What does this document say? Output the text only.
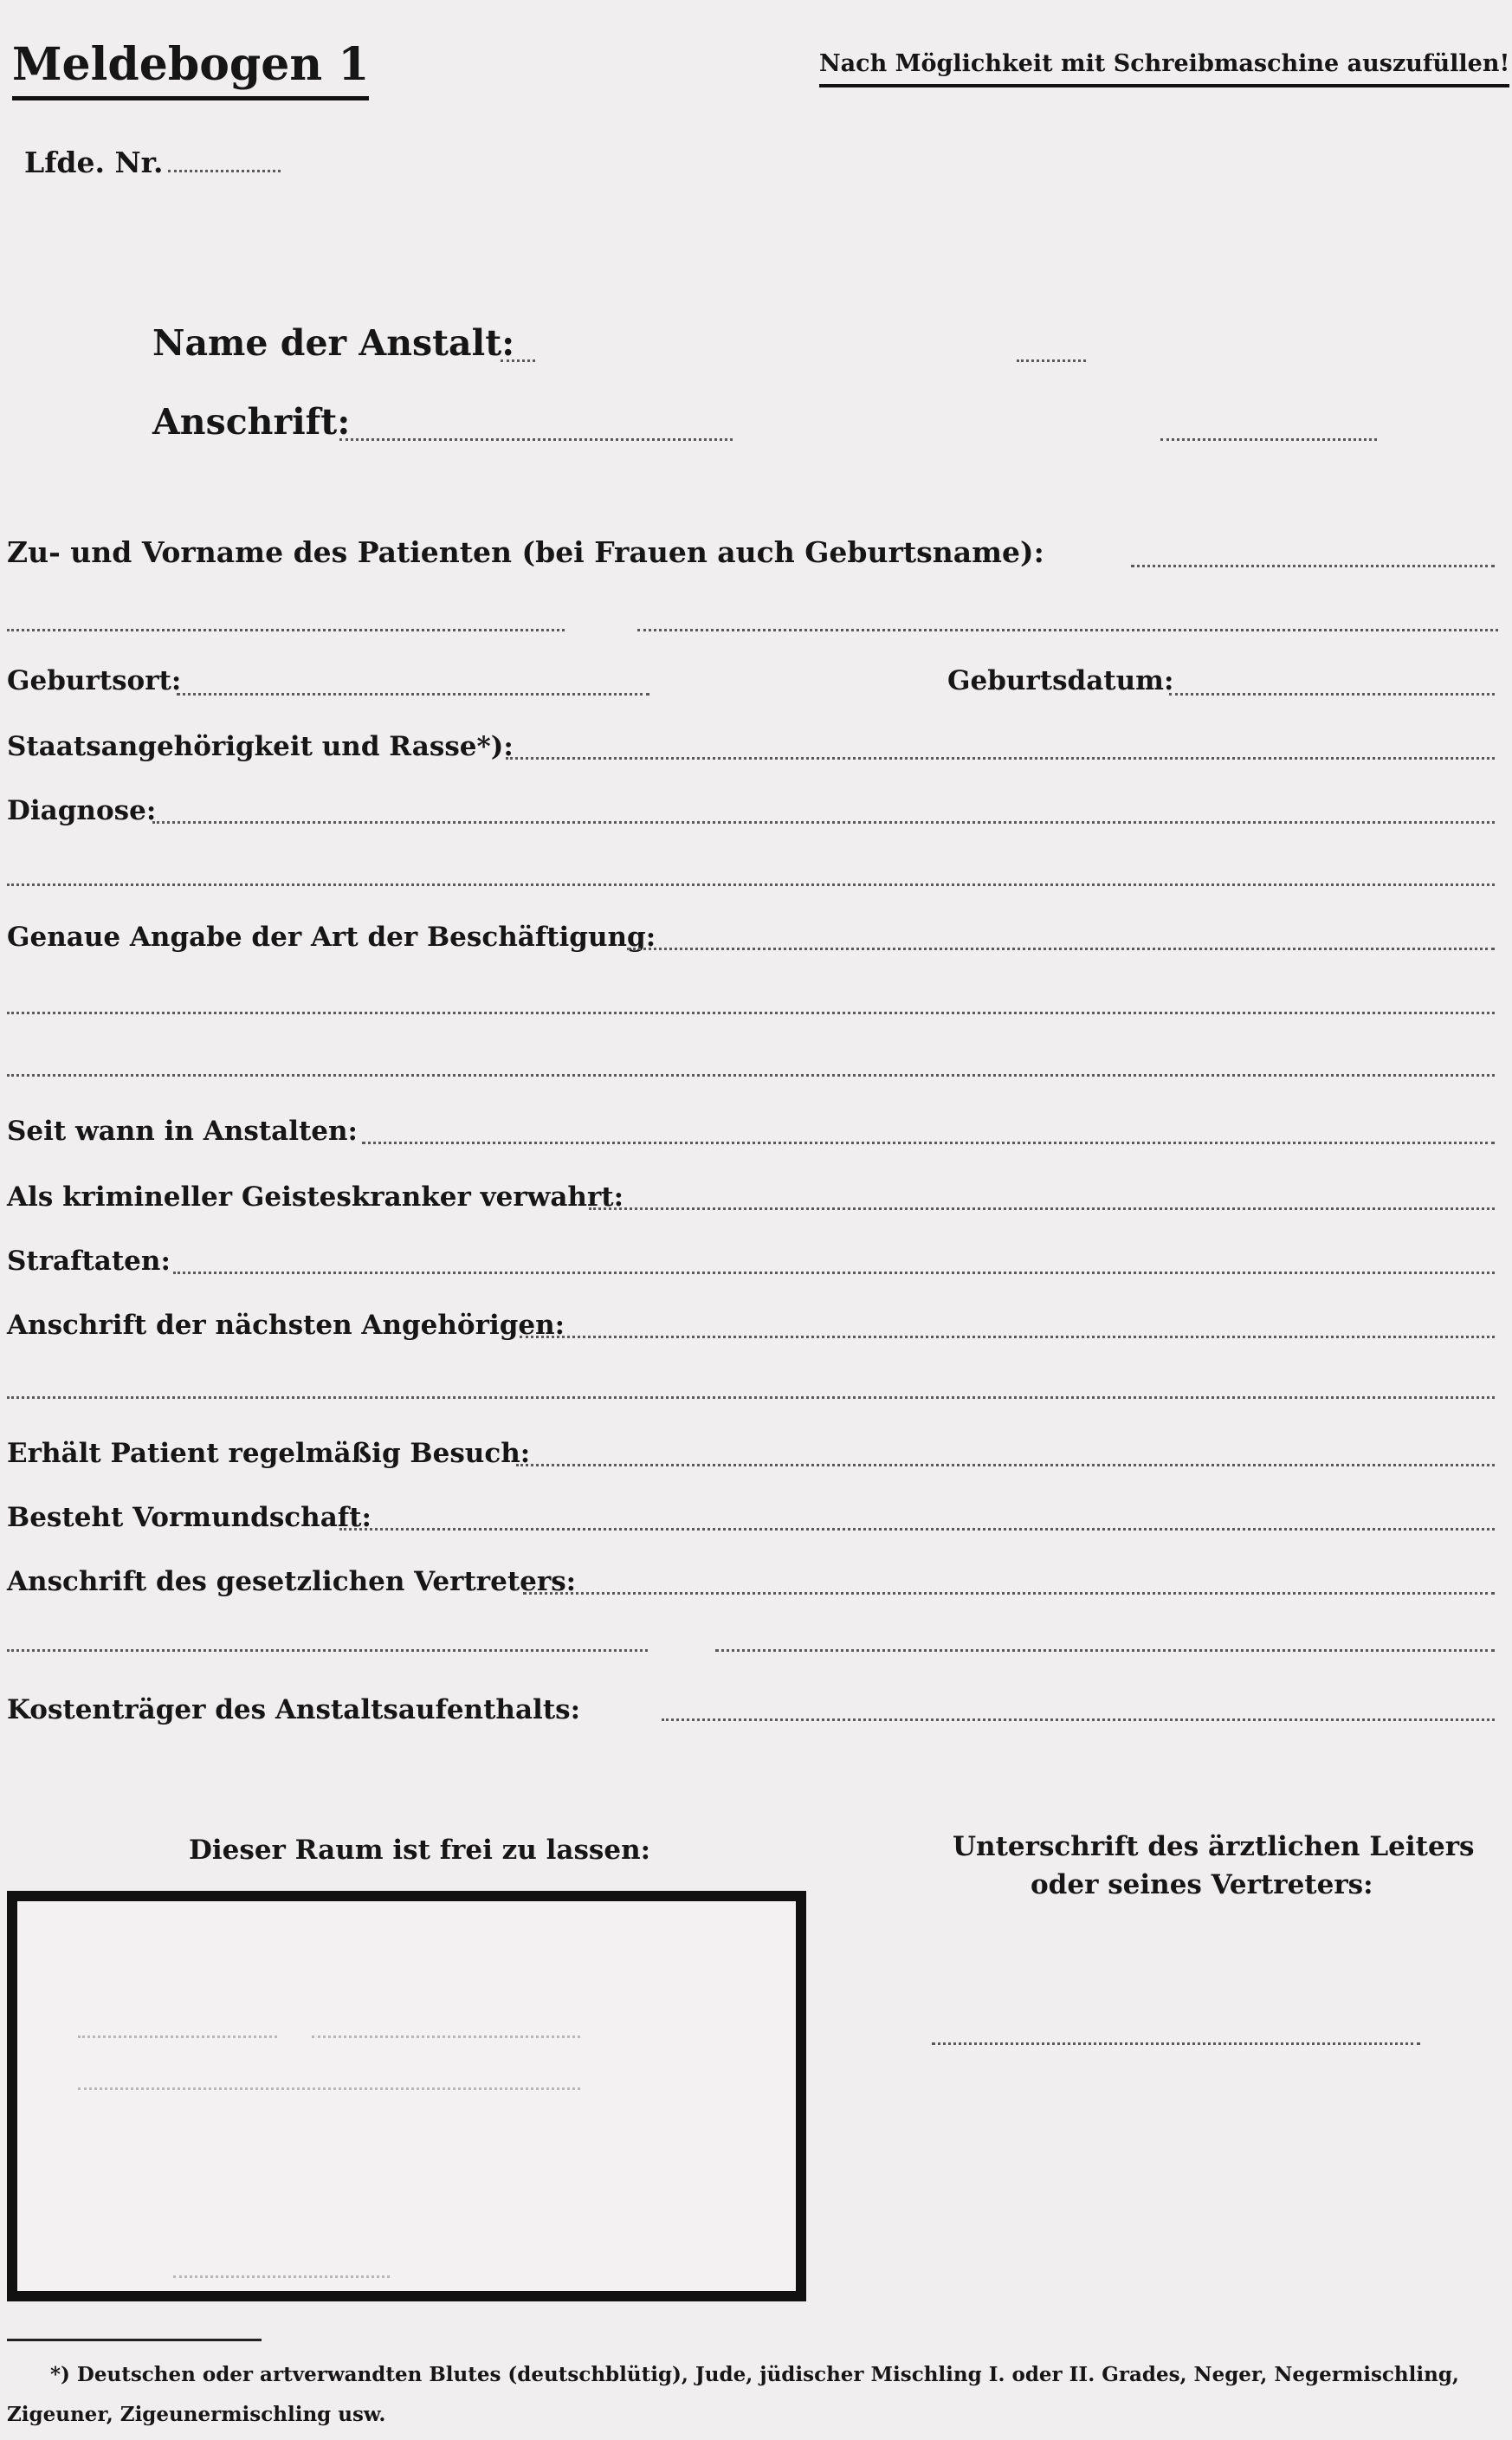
Meldebogen 1	Nach Möglichkeit mit Schreibmaschine auszufüllen!
Lfde. Nr.
Name der Anstalt:
Anschrift:
Zu- und Vorname des Patienten (bei Frauen auch Geburtsname):
Geburtsort:	Geburtsdatum:
Staatsangehörigkeit und Rasse*):
Diagnose:
Genaue Angabe der Art der Beschäftigung:
Seit wann in Anstalten:
Als krimineller Geisteskranker verwahrt:
Straftaten:
Anschrift der nächsten Angehörigen:
Erhält Patient regelmäßig Besuch:
Besteht Vormundschaft:
Anschrift des gesetzlichen Vertreters:
Kostenträger des Anstaltsaufenthalts:
Dieser Raum ist frei zu lassen:	Unterschrift des ärztlichen Leiters
oder seines Vertreters:
*) Deutschen oder artverwandten Blutes (deutschblütig), Jude, jüdischer Mischling I. oder II. Grades, Neger, Negermischling,
Zigeuner, Zigeunermischling usw.
